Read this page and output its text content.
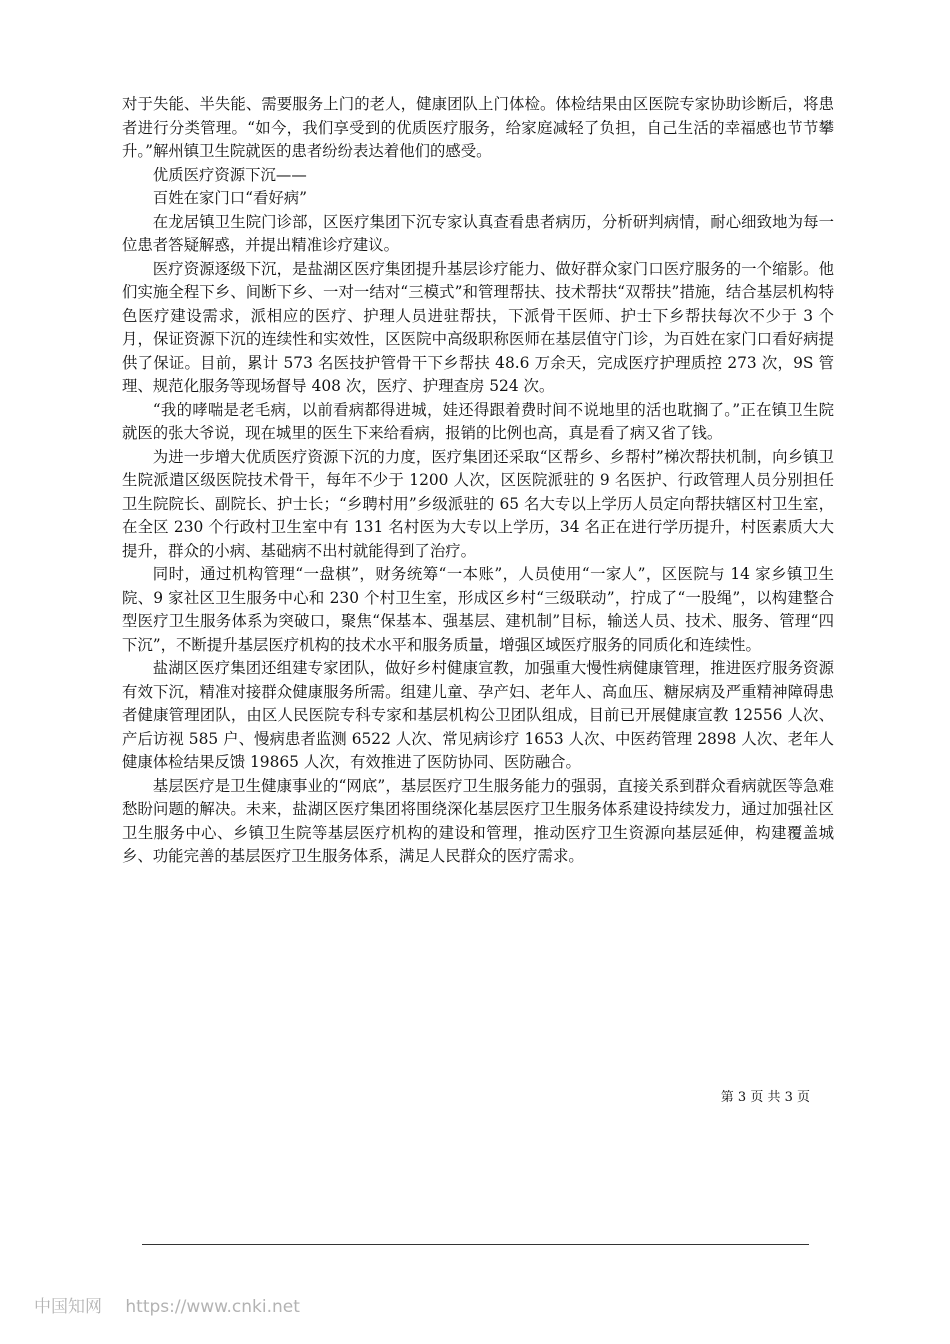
对于失能、半失能、需要服务上门的老人，健康团队上门体检。体检结果由区医院专家协助诊断后，将患者进行分类管理。“如今，我们享受到的优质医疗服务，给家庭减轻了负担，自己生活的幸福感也节节攀升。”解州镇卫生院就医的患者纷纷表达着他们的感受。

优质医疗资源下沉——

百姓在家门口“看好病”

在龙居镇卫生院门诊部，区医疗集团下沉专家认真查看患者病历，分析研判病情，耐心细致地为每一位患者答疑解惑，并提出精准诊疗建议。

医疗资源逐级下沉，是盐湖区医疗集团提升基层诊疗能力、做好群众家门口医疗服务的一个缩影。他们实施全程下乡、间断下乡、一对一结对“三模式”和管理帮扶、技术帮扶“双帮扶”措施，结合基层机构特色医疗建设需求，派相应的医疗、护理人员进驻帮扶，下派骨干医师、护士下乡帮扶每次不少于 3 个月，保证资源下沉的连续性和实效性，区医院中高级职称医师在基层值守门诊，为百姓在家门口看好病提供了保证。目前，累计 573 名医技护管骨干下乡帮扶 48.6 万余天，完成医疗护理质控 273 次，9S 管理、规范化服务等现场督导 408 次，医疗、护理查房 524 次。

“我的哮喘是老毛病，以前看病都得进城，娃还得跟着费时间不说地里的活也耽搁了。”正在镇卫生院就医的张大爷说，现在城里的医生下来给看病，报销的比例也高，真是看了病又省了钱。

为进一步增大优质医疗资源下沉的力度，医疗集团还采取“区帮乡、乡帮村”梯次帮扶机制，向乡镇卫生院派遣区级医院技术骨干，每年不少于 1200 人次，区医院派驻的 9 名医护、行政管理人员分别担任卫生院院长、副院长、护士长；“乡聘村用”乡级派驻的 65 名大专以上学历人员定向帮扶辖区村卫生室，在全区 230 个行政村卫生室中有 131 名村医为大专以上学历，34 名正在进行学历提升，村医素质大大提升，群众的小病、基础病不出村就能得到了治疗。

同时，通过机构管理“一盘棋”，财务统筹“一本账”，人员使用“一家人”，区医院与 14 家乡镇卫生院、9 家社区卫生服务中心和 230 个村卫生室，形成区乡村“三级联动”，拧成了“一股绳”，以构建整合型医疗卫生服务体系为突破口，聚焦“保基本、强基层、建机制”目标，输送人员、技术、服务、管理“四下沉”，不断提升基层医疗机构的技术水平和服务质量，增强区域医疗服务的同质化和连续性。

盐湖区医疗集团还组建专家团队，做好乡村健康宣教，加强重大慢性病健康管理，推进医疗服务资源有效下沉，精准对接群众健康服务所需。组建儿童、孕产妇、老年人、高血压、糖尿病及严重精神障碍患者健康管理团队，由区人民医院专科专家和基层机构公卫团队组成，目前已开展健康宣教 12556 人次、产后访视 585 户、慢病患者监测 6522 人次、常见病诊疗 1653 人次、中医药管理 2898 人次、老年人健康体检结果反馈 19865 人次，有效推进了医防协同、医防融合。

基层医疗是卫生健康事业的“网底”，基层医疗卫生服务能力的强弱，直接关系到群众看病就医等急难愁盼问题的解决。未来，盐湖区医疗集团将围绕深化基层医疗卫生服务体系建设持续发力，通过加强社区卫生服务中心、乡镇卫生院等基层医疗机构的建设和管理，推动医疗卫生资源向基层延伸，构建覆盖城乡、功能完善的基层医疗卫生服务体系，满足人民群众的医疗需求。

第 3 页 共 3 页
中国知网 https://www.cnki.net
